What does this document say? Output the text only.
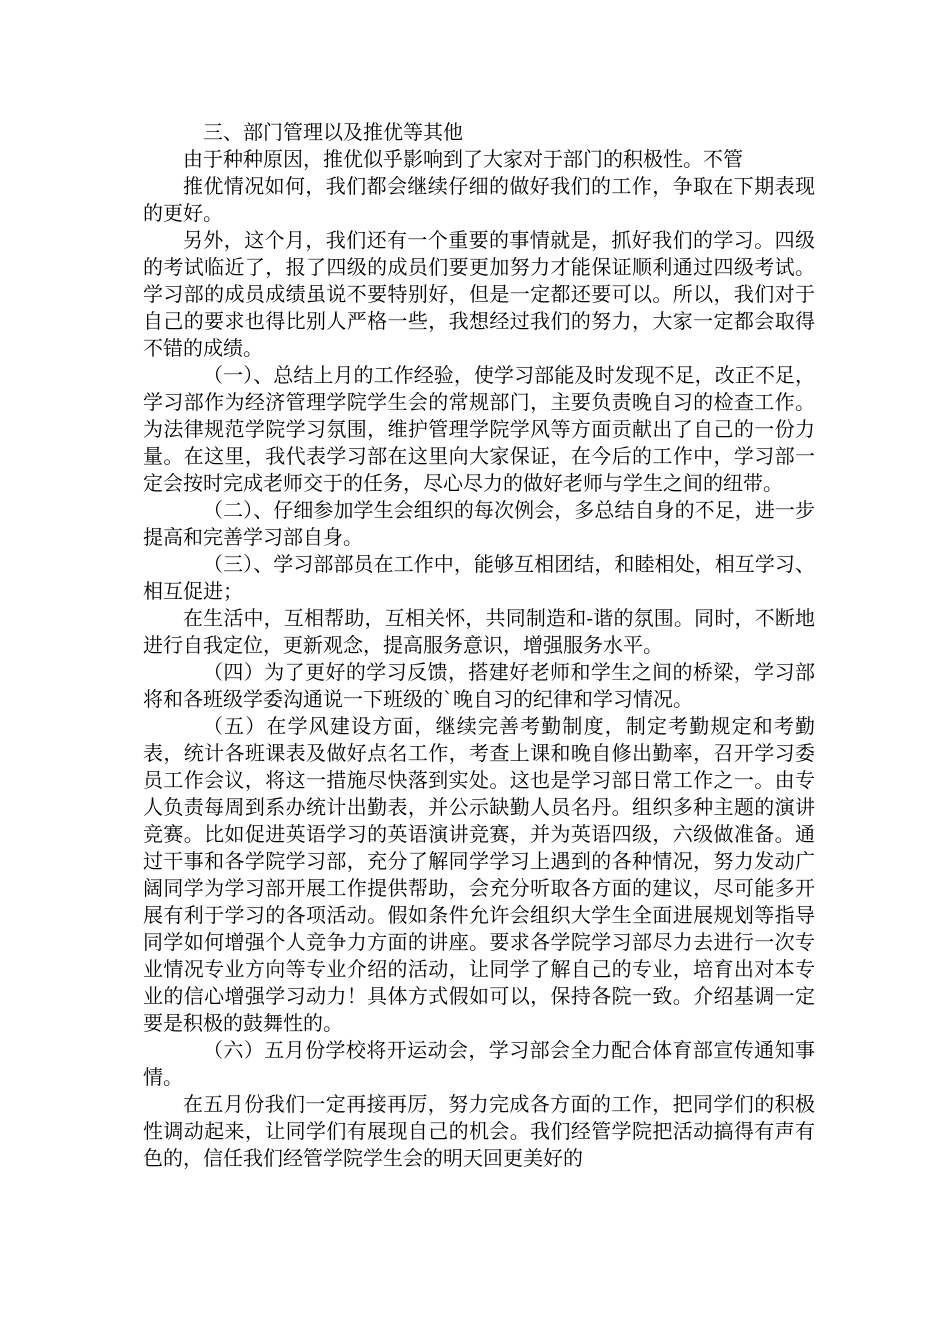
三、部门管理以及推优等其他

由于种种原因，推优似乎影响到了大家对于部门的积极性。不管

推优情况如何，我们都会继续仔细的做好我们的工作，争取在下期表现的更好。

另外，这个月，我们还有一个重要的事情就是，抓好我们的学习。四级的考试临近了，报了四级的成员们要更加努力才能保证顺利通过四级考试。学习部的成员成绩虽说不要特别好，但是一定都还要可以。所以，我们对于自己的要求也得比别人严格一些，我想经过我们的努力，大家一定都会取得不错的成绩。

（一）、总结上月的工作经验，使学习部能及时发现不足，改正不足，学习部作为经济管理学院学生会的常规部门，主要负责晚自习的检查工作。为法律规范学院学习氛围，维护管理学院学风等方面贡献出了自己的一份力量。在这里，我代表学习部在这里向大家保证，在今后的工作中，学习部一定会按时完成老师交于的任务，尽心尽力的做好老师与学生之间的纽带。

（二）、仔细参加学生会组织的每次例会，多总结自身的不足，进一步提高和完善学习部自身。

（三）、学习部部员在工作中，能够互相团结，和睦相处，相互学习、相互促进；

在生活中，互相帮助，互相关怀，共同制造和-谐的氛围。同时，不断地进行自我定位，更新观念，提高服务意识，增强服务水平。

（四）为了更好的学习反馈，搭建好老师和学生之间的桥梁，学习部将和各班级学委沟通说一下班级的`晚自习的纪律和学习情况。

（五）在学风建设方面，继续完善考勤制度，制定考勤规定和考勤表，统计各班课表及做好点名工作，考查上课和晚自修出勤率，召开学习委员工作会议，将这一措施尽快落到实处。这也是学习部日常工作之一。由专人负责每周到系办统计出勤表，并公示缺勤人员名丹。组织多种主题的演讲竞赛。比如促进英语学习的英语演讲竞赛，并为英语四级，六级做准备。通过干事和各学院学习部，充分了解同学学习上遇到的各种情况，努力发动广阔同学为学习部开展工作提供帮助，会充分听取各方面的建议，尽可能多开展有利于学习的各项活动。假如条件允许会组织大学生全面进展规划等指导同学如何增强个人竞争力方面的讲座。要求各学院学习部尽力去进行一次专业情况专业方向等专业介绍的活动，让同学了解自己的专业，培育出对本专业的信心增强学习动力！具体方式假如可以，保持各院一致。介绍基调一定要是积极的鼓舞性的。

（六）五月份学校将开运动会，学习部会全力配合体育部宣传通知事情。

在五月份我们一定再接再厉，努力完成各方面的工作，把同学们的积极性调动起来，让同学们有展现自己的机会。我们经管学院把活动搞得有声有色的，信任我们经管学院学生会的明天回更美好的
